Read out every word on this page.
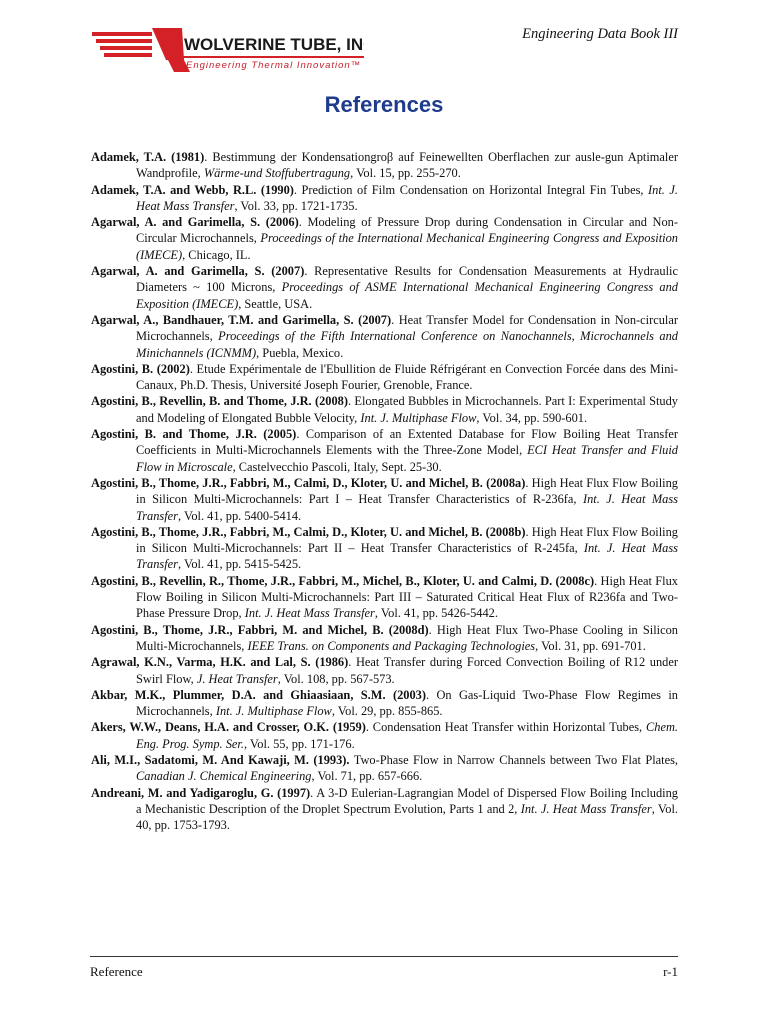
WOLVERINE TUBE, INC.
Engineering Thermal Innovation™
Engineering Data Book III
References
Adamek, T.A. (1981). Bestimmung der Kondensationgroβ auf Feinewellten Oberflachen zur ausle-gun Aptimaler Wandprofile, Wärme-und Stoffubertragung, Vol. 15, pp. 255-270.
Adamek, T.A. and Webb, R.L. (1990). Prediction of Film Condensation on Horizontal Integral Fin Tubes, Int. J. Heat Mass Transfer, Vol. 33, pp. 1721-1735.
Agarwal, A. and Garimella, S. (2006). Modeling of Pressure Drop during Condensation in Circular and Non-Circular Microchannels, Proceedings of the International Mechanical Engineering Congress and Exposition (IMECE), Chicago, IL.
Agarwal, A. and Garimella, S. (2007). Representative Results for Condensation Measurements at Hydraulic Diameters ~ 100 Microns, Proceedings of ASME International Mechanical Engineering Congress and Exposition (IMECE), Seattle, USA.
Agarwal, A., Bandhauer, T.M. and Garimella, S. (2007). Heat Transfer Model for Condensation in Non-circular Microchannels, Proceedings of the Fifth International Conference on Nanochannels, Microchannels and Minichannels (ICNMM), Puebla, Mexico.
Agostini, B. (2002). Etude Expérimentale de l'Ebullition de Fluide Réfrigérant en Convection Forcée dans des Mini-Canaux, Ph.D. Thesis, Université Joseph Fourier, Grenoble, France.
Agostini, B., Revellin, B. and Thome, J.R. (2008). Elongated Bubbles in Microchannels. Part I: Experimental Study and Modeling of Elongated Bubble Velocity, Int. J. Multiphase Flow, Vol. 34, pp. 590-601.
Agostini, B. and Thome, J.R. (2005). Comparison of an Extented Database for Flow Boiling Heat Transfer Coefficients in Multi-Microchannels Elements with the Three-Zone Model, ECI Heat Transfer and Fluid Flow in Microscale, Castelvecchio Pascoli, Italy, Sept. 25-30.
Agostini, B., Thome, J.R., Fabbri, M., Calmi, D., Kloter, U. and Michel, B. (2008a). High Heat Flux Flow Boiling in Silicon Multi-Microchannels: Part I – Heat Transfer Characteristics of R-236fa, Int. J. Heat Mass Transfer, Vol. 41, pp. 5400-5414.
Agostini, B., Thome, J.R., Fabbri, M., Calmi, D., Kloter, U. and Michel, B. (2008b). High Heat Flux Flow Boiling in Silicon Multi-Microchannels: Part II – Heat Transfer Characteristics of R-245fa, Int. J. Heat Mass Transfer, Vol. 41, pp. 5415-5425.
Agostini, B., Revellin, R., Thome, J.R., Fabbri, M., Michel, B., Kloter, U. and Calmi, D. (2008c). High Heat Flux Flow Boiling in Silicon Multi-Microchannels: Part III – Saturated Critical Heat Flux of R236fa and Two-Phase Pressure Drop, Int. J. Heat Mass Transfer, Vol. 41, pp. 5426-5442.
Agostini, B., Thome, J.R., Fabbri, M. and Michel, B. (2008d). High Heat Flux Two-Phase Cooling in Silicon Multi-Microchannels, IEEE Trans. on Components and Packaging Technologies, Vol. 31, pp. 691-701.
Agrawal, K.N., Varma, H.K. and Lal, S. (1986). Heat Transfer during Forced Convection Boiling of R12 under Swirl Flow, J. Heat Transfer, Vol. 108, pp. 567-573.
Akbar, M.K., Plummer, D.A. and Ghiaasiaan, S.M. (2003). On Gas-Liquid Two-Phase Flow Regimes in Microchannels, Int. J. Multiphase Flow, Vol. 29, pp. 855-865.
Akers, W.W., Deans, H.A. and Crosser, O.K. (1959). Condensation Heat Transfer within Horizontal Tubes, Chem. Eng. Prog. Symp. Ser., Vol. 55, pp. 171-176.
Ali, M.I., Sadatomi, M. And Kawaji, M. (1993). Two-Phase Flow in Narrow Channels between Two Flat Plates, Canadian J. Chemical Engineering, Vol. 71, pp. 657-666.
Andreani, M. and Yadigaroglu, G. (1997). A 3-D Eulerian-Lagrangian Model of Dispersed Flow Boiling Including a Mechanistic Description of the Droplet Spectrum Evolution, Parts 1 and 2, Int. J. Heat Mass Transfer, Vol. 40, pp. 1753-1793.
Reference	r-1
